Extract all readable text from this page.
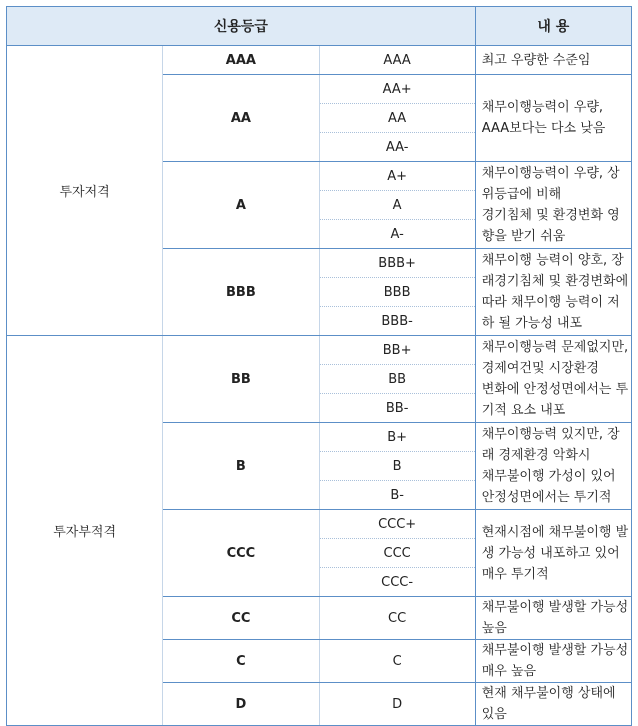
신용등급			내 용
투자저격	AAA	AAA	최고 우량한 수준임

	AA	AA+	채무이행능력이 우량, AAA보다는 다소 낮음

		AA	
		AA-	
	A	A+	채무이행능력이 우량, 상위등급에 비해
경기침체 및 환경변화 영향을 받기 쉬움

		A	
		A-	
	BBB	BBB+	채무이행 능력이 양호, 장래경기침체 및 환경변화에
따라 채무이행 능력이 저하 될 가능성 내포

		BBB	
		BBB-	
투자부적격	BB	BB+	채무이행능력 문제없지만, 경제여건및 시장환경
변화에 안정성면에서는 투기적 요소 내포

		BB	
		BB-	
	B	B+	채무이행능력 있지만, 장래 경제환경 악화시
채무불이행 가성이 있어 안정성면에서는 투기적

		B	
		B-	
	CCC	CCC+	현재시점에 채무불이행 발생 가능성 내포하고 있어
매우 투기적

		CCC	
		CCC-	
	CC	CC	채무불이행 발생할 가능성 높음

	C	C	채무불이행 발생할 가능성 매우 높음

	D	D	현재 채무불이행 상태에 있음
